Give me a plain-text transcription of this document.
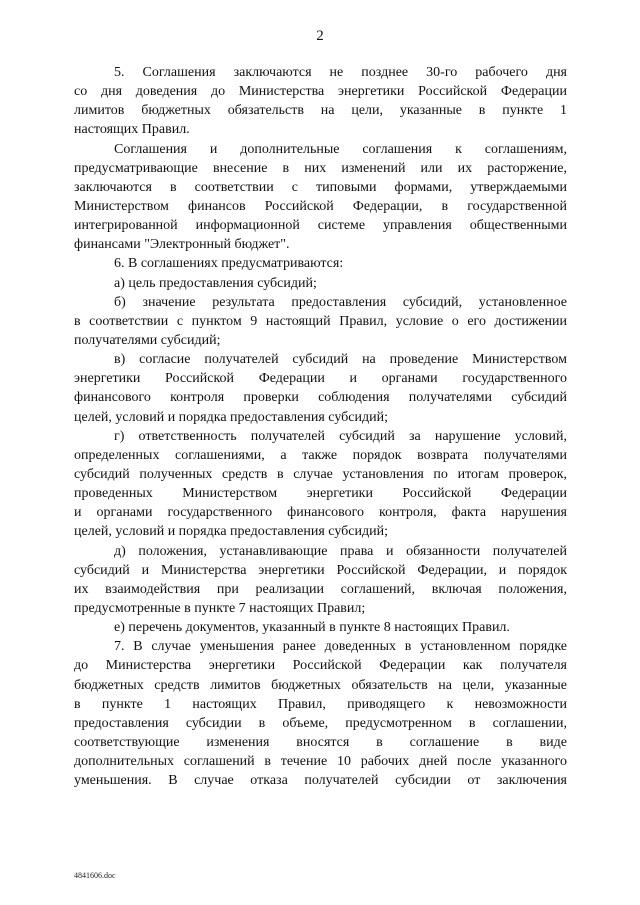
2
5. Соглашения заключаются не позднее 30-го рабочего дня
со дня доведения до Министерства энергетики Российской Федерации
лимитов бюджетных обязательств на цели, указанные в пункте 1
настоящих Правил.
Соглашения и дополнительные соглашения к соглашениям,
предусматривающие внесение в них изменений или их расторжение,
заключаются в соответствии с типовыми формами, утверждаемыми
Министерством финансов Российской Федерации, в государственной
интегрированной информационной системе управления общественными
финансами "Электронный бюджет".
6. В соглашениях предусматриваются:
а) цель предоставления субсидий;
б) значение результата предоставления субсидий, установленное
в соответствии с пунктом 9 настоящий Правил, условие о его достижении
получателями субсидий;
в) согласие получателей субсидий на проведение Министерством
энергетики Российской Федерации и органами государственного
финансового контроля проверки соблюдения получателями субсидий
целей, условий и порядка предоставления субсидий;
г) ответственность получателей субсидий за нарушение условий,
определенных соглашениями, а также порядок возврата получателями
субсидий полученных средств в случае установления по итогам проверок,
проведенных Министерством энергетики Российской Федерации
и органами государственного финансового контроля, факта нарушения
целей, условий и порядка предоставления субсидий;
д) положения, устанавливающие права и обязанности получателей
субсидий и Министерства энергетики Российской Федерации, и порядок
их взаимодействия при реализации соглашений, включая положения,
предусмотренные в пункте 7 настоящих Правил;
е) перечень документов, указанный в пункте 8 настоящих Правил.
7. В случае уменьшения ранее доведенных в установленном порядке
до Министерства энергетики Российской Федерации как получателя
бюджетных средств лимитов бюджетных обязательств на цели, указанные
в пункте 1 настоящих Правил, приводящего к невозможности
предоставления субсидии в объеме, предусмотренном в соглашении,
соответствующие изменения вносятся в соглашение в виде
дополнительных соглашений в течение 10 рабочих дней после указанного
уменьшения. В случае отказа получателей субсидии от заключения
4841606.doc
